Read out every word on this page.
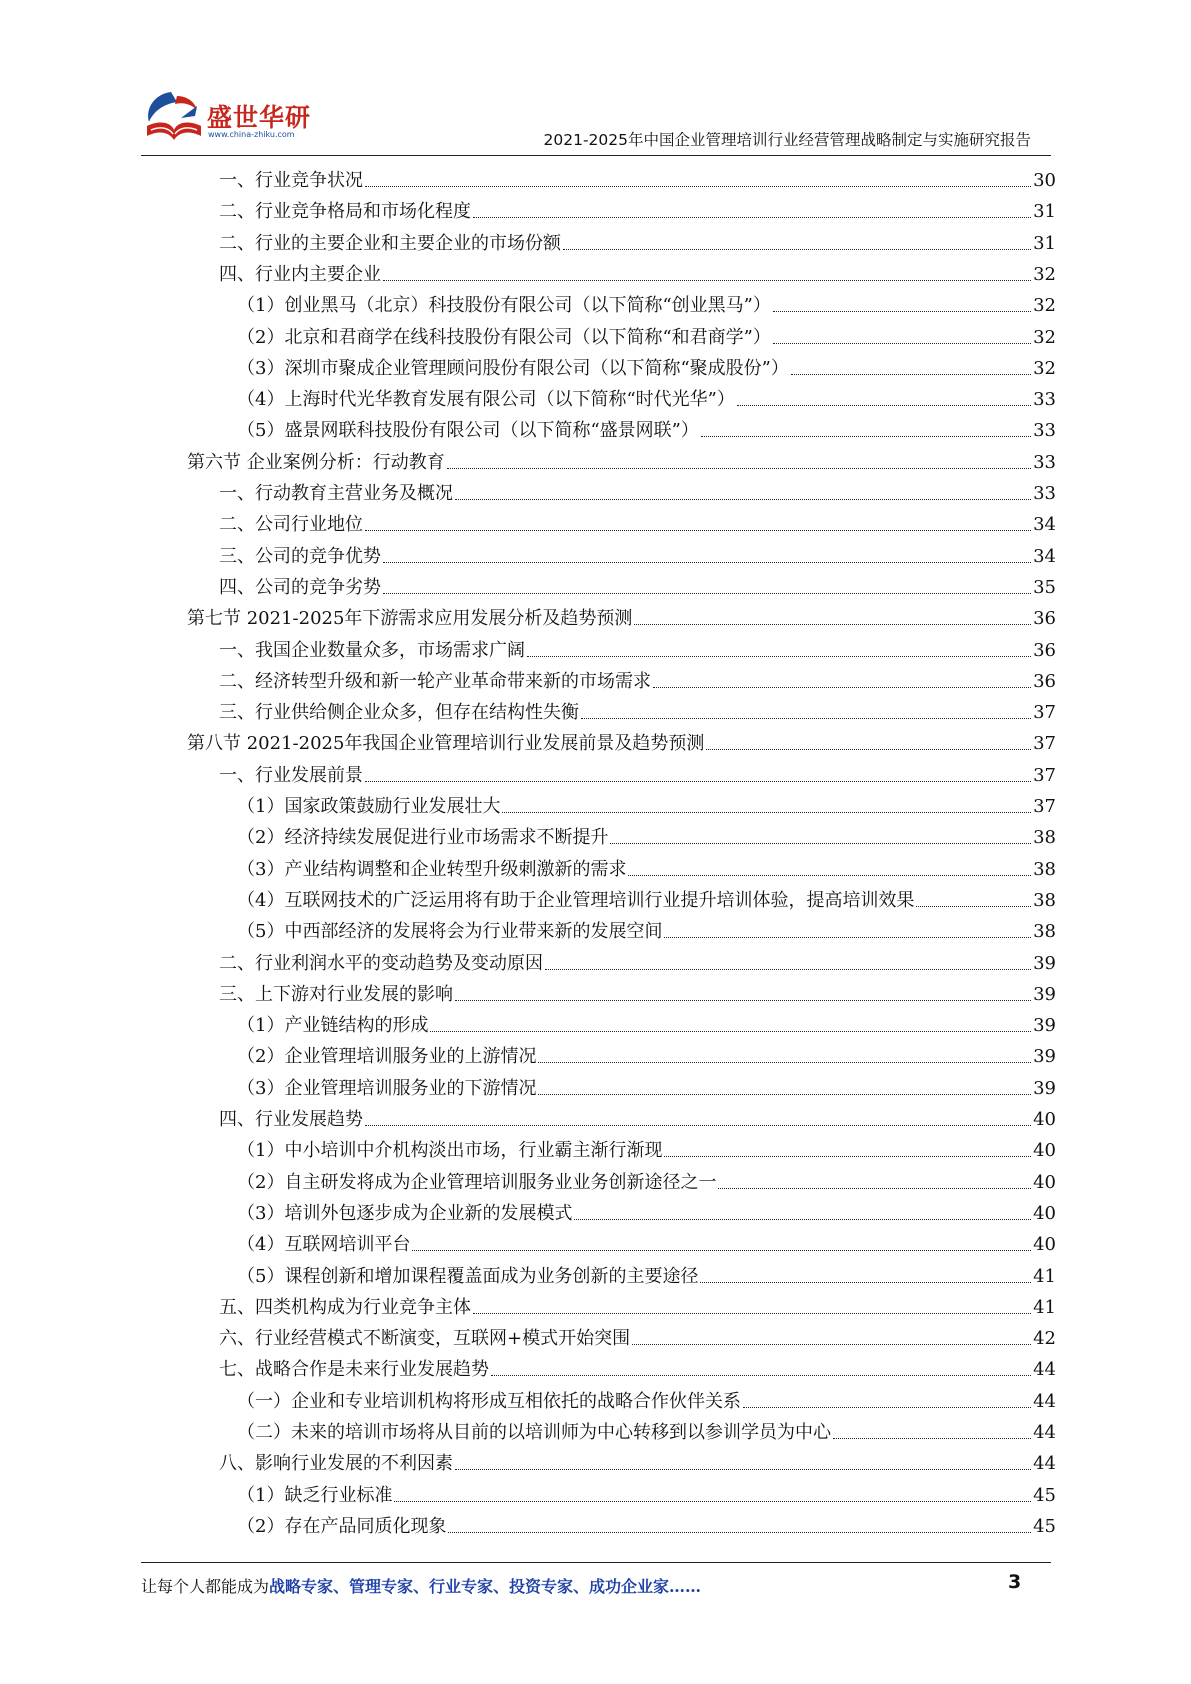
盛世华研
www.china-zhiku.com	2021-2025年中国企业管理培训行业经营管理战略制定与实施研究报告
一、行业竞争状况	30
二、行业竞争格局和市场化程度	31
二、行业的主要企业和主要企业的市场份额	31
四、行业内主要企业	32
（1）创业黑马（北京）科技股份有限公司（以下简称“创业黑马”）	32
（2）北京和君商学在线科技股份有限公司（以下简称“和君商学”）	32
（3）深圳市聚成企业管理顾问股份有限公司（以下简称“聚成股份”）	32
（4）上海时代光华教育发展有限公司（以下简称“时代光华”）	33
（5）盛景网联科技股份有限公司（以下简称“盛景网联”）	33
第六节 企业案例分析：行动教育	33
一、行动教育主营业务及概况	33
二、公司行业地位	34
三、公司的竞争优势	34
四、公司的竞争劣势	35
第七节 2021-2025年下游需求应用发展分析及趋势预测	36
一、我国企业数量众多，市场需求广阔	36
二、经济转型升级和新一轮产业革命带来新的市场需求	36
三、行业供给侧企业众多，但存在结构性失衡	37
第八节 2021-2025年我国企业管理培训行业发展前景及趋势预测	37
一、行业发展前景	37
（1）国家政策鼓励行业发展壮大	37
（2）经济持续发展促进行业市场需求不断提升	38
（3）产业结构调整和企业转型升级刺激新的需求	38
（4）互联网技术的广泛运用将有助于企业管理培训行业提升培训体验，提高培训效果	38
（5）中西部经济的发展将会为行业带来新的发展空间	38
二、行业利润水平的变动趋势及变动原因	39
三、上下游对行业发展的影响	39
（1）产业链结构的形成	39
（2）企业管理培训服务业的上游情况	39
（3）企业管理培训服务业的下游情况	39
四、行业发展趋势	40
（1）中小培训中介机构淡出市场，行业霸主渐行渐现	40
（2）自主研发将成为企业管理培训服务业业务创新途径之一	40
（3）培训外包逐步成为企业新的发展模式	40
（4）互联网培训平台	40
（5）课程创新和增加课程覆盖面成为业务创新的主要途径	41
五、四类机构成为行业竞争主体	41
六、行业经营模式不断演变，互联网+模式开始突围	42
七、战略合作是未来行业发展趋势	44
（一）企业和专业培训机构将形成互相依托的战略合作伙伴关系	44
（二）未来的培训市场将从目前的以培训师为中心转移到以参训学员为中心	44
八、影响行业发展的不利因素	44
（1）缺乏行业标准	45
（2）存在产品同质化现象	45
让每个人都能成为战略专家、管理专家、行业专家、投资专家、成功企业家……	3
